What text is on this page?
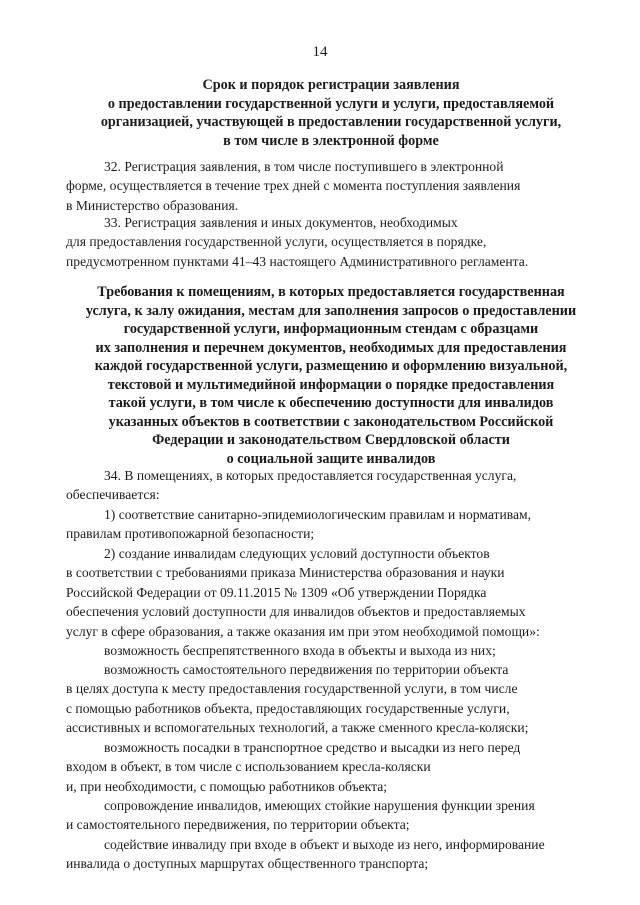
14
Срок и порядок регистрации заявления
о предоставлении государственной услуги и услуги, предоставляемой
организацией, участвующей в предоставлении государственной услуги,
в том числе в электронной форме
32. Регистрация заявления, в том числе поступившего в электронной
форме, осуществляется в течение трех дней с момента поступления заявления
в Министерство образования.
33. Регистрация заявления и иных документов, необходимых
для предоставления государственной услуги, осуществляется в порядке,
предусмотренном пунктами 41–43 настоящего Административного регламента.
Требования к помещениям, в которых предоставляется государственная
услуга, к залу ожидания, местам для заполнения запросов о предоставлении
государственной услуги, информационным стендам с образцами
их заполнения и перечнем документов, необходимых для предоставления
каждой государственной услуги, размещению и оформлению визуальной,
текстовой и мультимедийной информации о порядке предоставления
такой услуги, в том числе к обеспечению доступности для инвалидов
указанных объектов в соответствии с законодательством Российской
Федерации и законодательством Свердловской области
о социальной защите инвалидов
34. В помещениях, в которых предоставляется государственная услуга,
обеспечивается:
1) соответствие санитарно-эпидемиологическим правилам и нормативам,
правилам противопожарной безопасности;
2) создание инвалидам следующих условий доступности объектов
в соответствии с требованиями приказа Министерства образования и науки
Российской Федерации от 09.11.2015 № 1309 «Об утверждении Порядка
обеспечения условий доступности для инвалидов объектов и предоставляемых
услуг в сфере образования, а также оказания им при этом необходимой помощи»:
возможность беспрепятственного входа в объекты и выхода из них;
возможность самостоятельного передвижения по территории объекта
в целях доступа к месту предоставления государственной услуги, в том числе
с помощью работников объекта, предоставляющих государственные услуги,
ассистивных и вспомогательных технологий, а также сменного кресла-коляски;
возможность посадки в транспортное средство и высадки из него перед
входом в объект, в том числе с использованием кресла-коляски
и, при необходимости, с помощью работников объекта;
сопровождение инвалидов, имеющих стойкие нарушения функции зрения
и самостоятельного передвижения, по территории объекта;
содействие инвалиду при входе в объект и выходе из него, информирование
инвалида о доступных маршрутах общественного транспорта;
